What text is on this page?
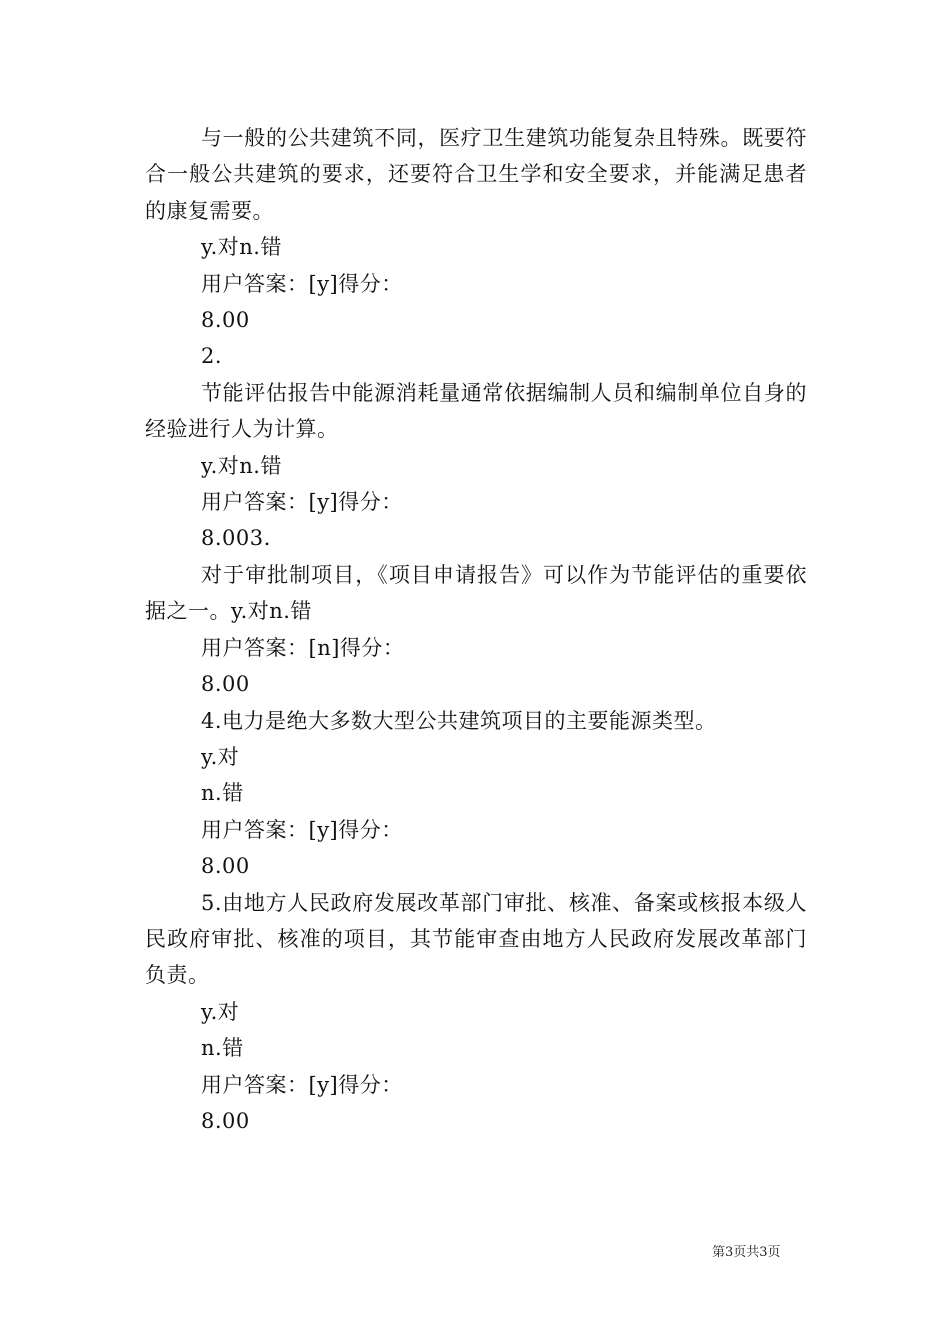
与一般的公共建筑不同，医疗卫生建筑功能复杂且特殊。既要符合一般公共建筑的要求，还要符合卫生学和安全要求，并能满足患者的康复需要。

y.对n.错

用户答案：[y]得分：

8.00

2.

节能评估报告中能源消耗量通常依据编制人员和编制单位自身的经验进行人为计算。

y.对n.错

用户答案：[y]得分：

8.003.

对于审批制项目，《项目申请报告》可以作为节能评估的重要依据之一。y.对n.错

用户答案：[n]得分：

8.00

4.电力是绝大多数大型公共建筑项目的主要能源类型。

y.对

n.错

用户答案：[y]得分：

8.00

5.由地方人民政府发展改革部门审批、核准、备案或核报本级人民政府审批、核准的项目，其节能审查由地方人民政府发展改革部门负责。

y.对

n.错

用户答案：[y]得分：

8.00

第3页共3页
